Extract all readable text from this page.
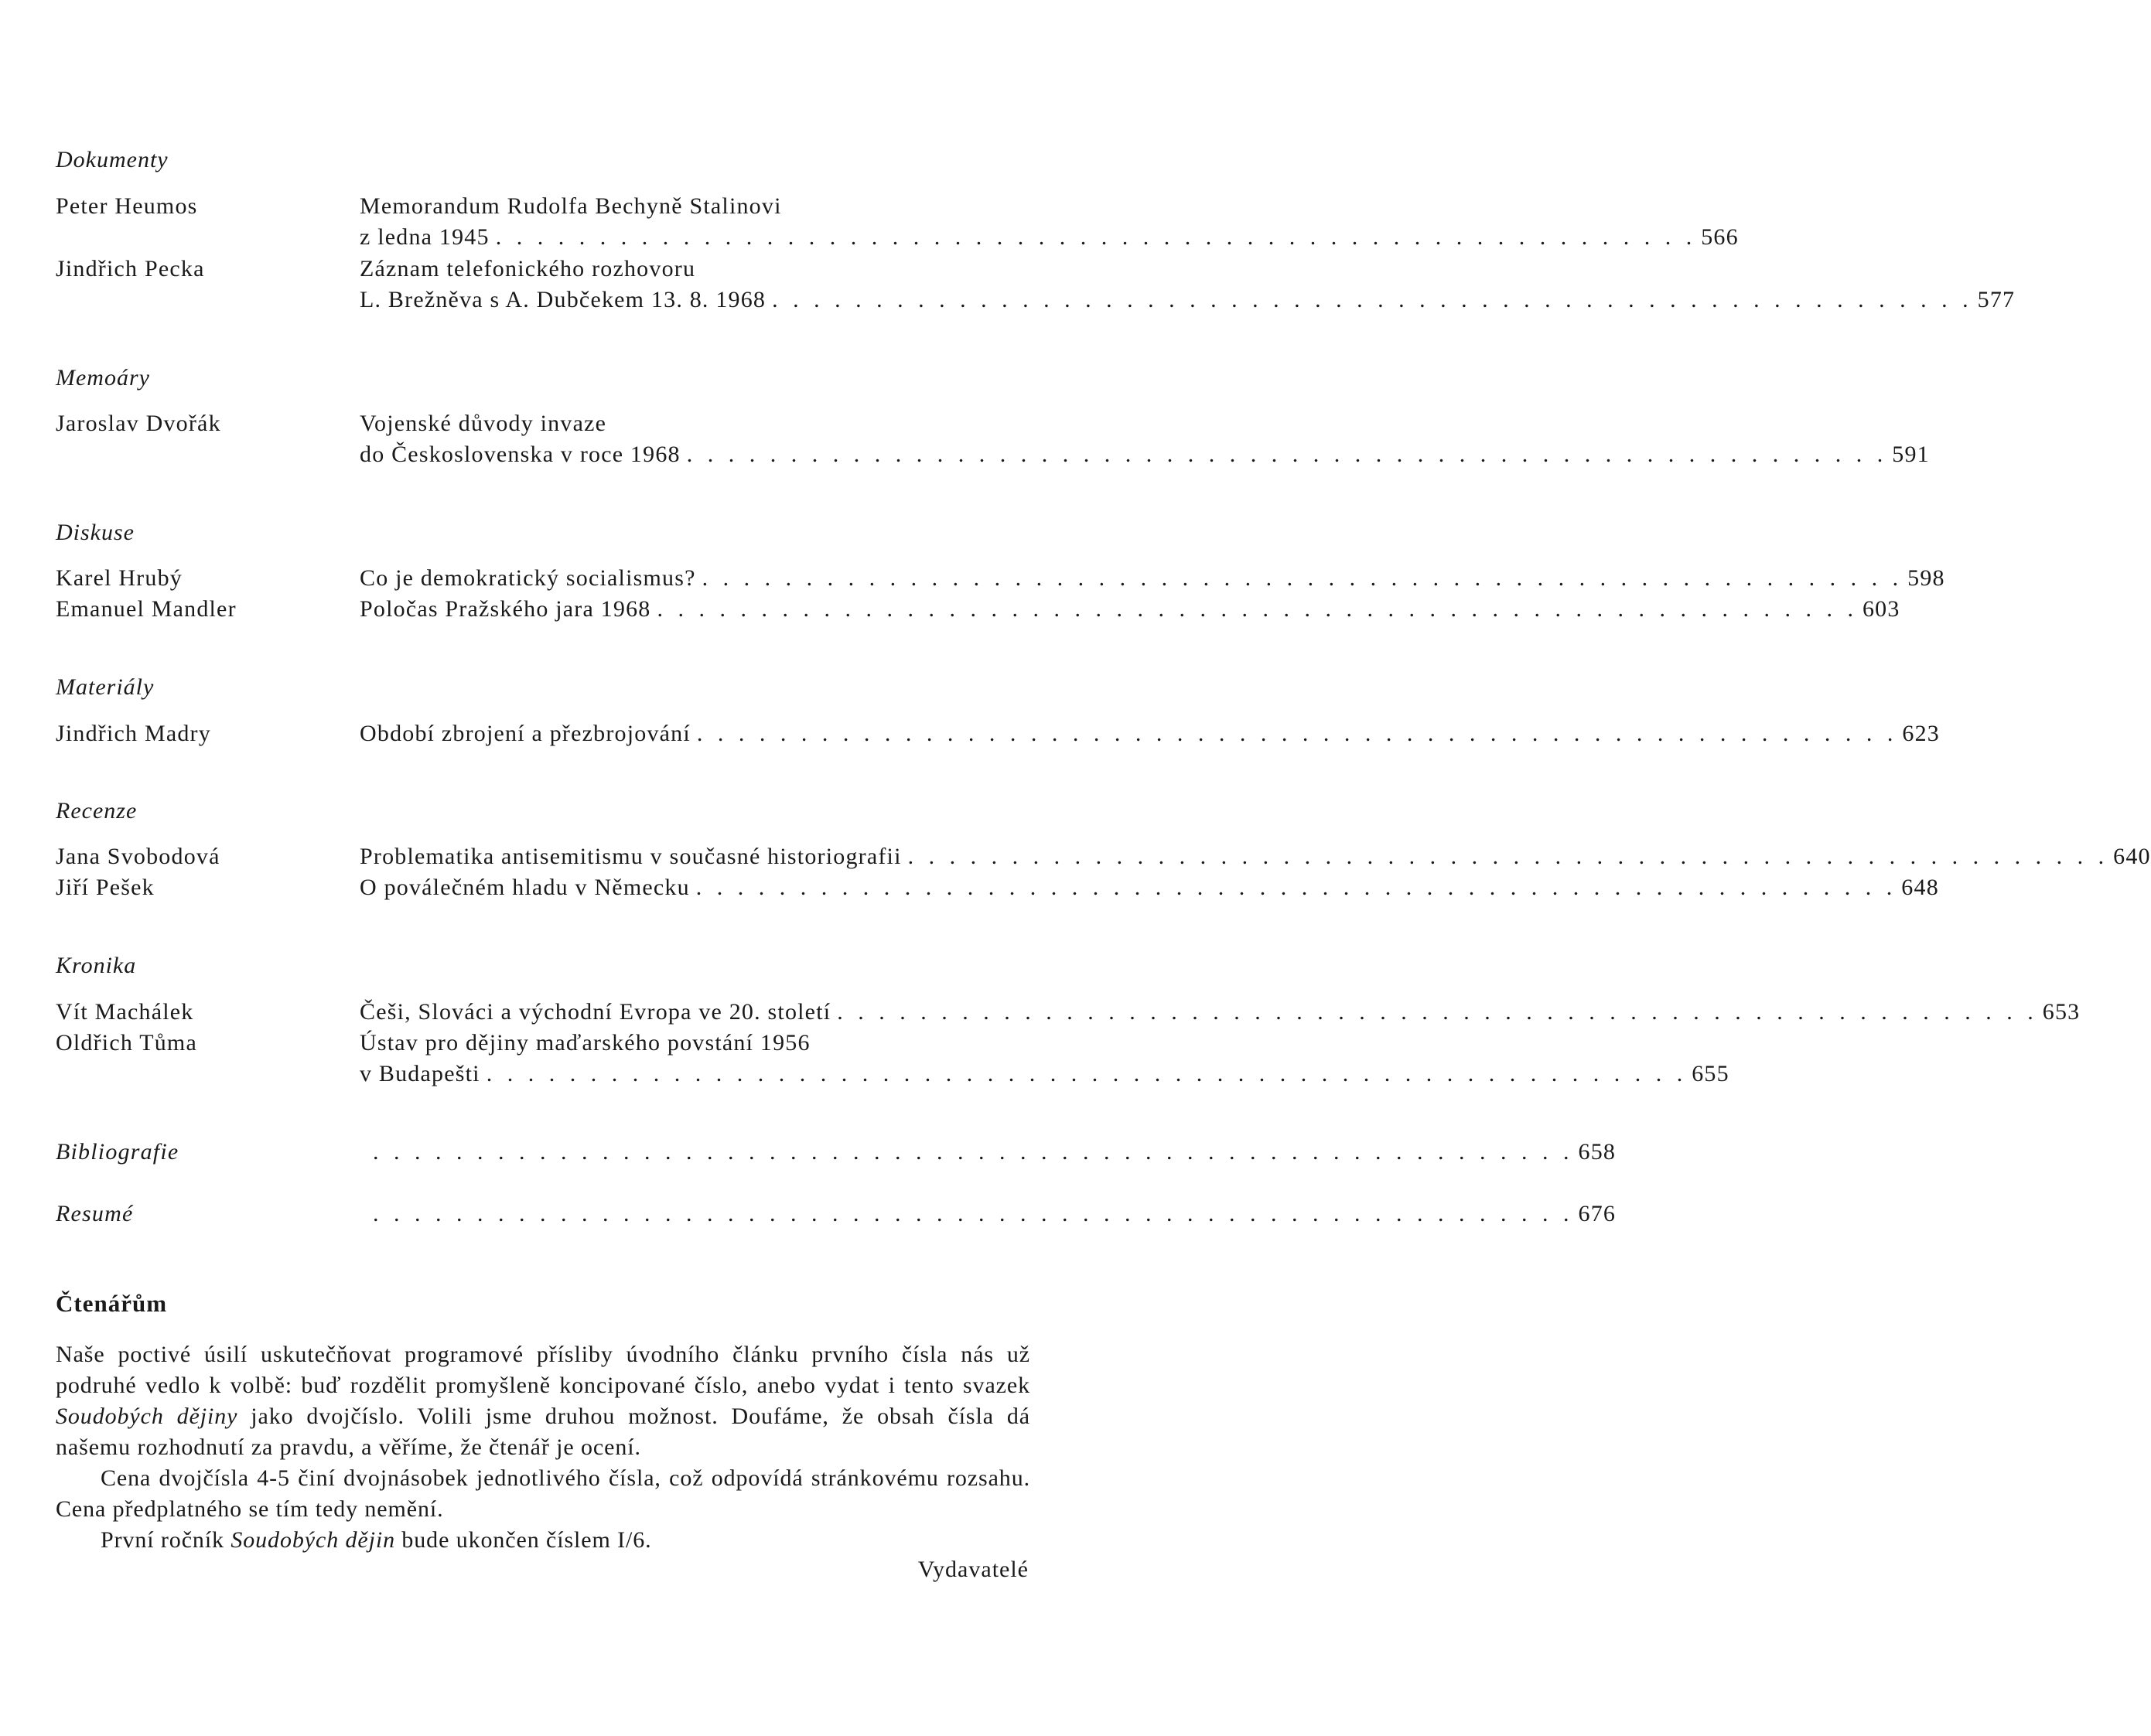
Dokumenty
Peter Heumos	Memorandum Rudolfa Bechyně Stalinovi
z ledna 1945 . . . . . . . . . . . . . . . . . . . . . . . . . . . . . . . . . . . . . . . . . . . . . . . . . . . . . . . . . . 566
Jindřich Pecka	Záznam telefonického rozhovoru
L. Brežněva s A. Dubčekem 13. 8. 1968 . . . . . . . . . . . . . . . . . . . . . . . . . . . . . . . . . . . . . . . . . . . . . . . . . . . . . . . . . . 577
Memoáry
Jaroslav Dvořák	Vojenské důvody invaze
do Československa v roce 1968 . . . . . . . . . . . . . . . . . . . . . . . . . . . . . . . . . . . . . . . . . . . . . . . . . . . . . . . . . . 591
Diskuse
Karel Hrubý	Co je demokratický socialismus? . . . . . . . . . . . . . . . . . . . . . . . . . . . . . . . . . . . . . . . . . . . . . . . . . . . . . . . . . . 598
Emanuel Mandler	Poločas Pražského jara 1968 . . . . . . . . . . . . . . . . . . . . . . . . . . . . . . . . . . . . . . . . . . . . . . . . . . . . . . . . . . 603
Materiály
Jindřich Madry	Období zbrojení a přezbrojování . . . . . . . . . . . . . . . . . . . . . . . . . . . . . . . . . . . . . . . . . . . . . . . . . . . . . . . . . . 623
Recenze
Jana Svobodová	Problematika antisemitismu v současné historiografii . . . . . . . . . . . . . . . . . . . . . . . . . . . . . . . . . . . . . . . . . . . . . . . . . . . . . . . . . . 640
Jiří Pešek	O poválečném hladu v Německu . . . . . . . . . . . . . . . . . . . . . . . . . . . . . . . . . . . . . . . . . . . . . . . . . . . . . . . . . . 648
Kronika
Vít Machálek	Češi, Slováci a východní Evropa ve 20. století . . . . . . . . . . . . . . . . . . . . . . . . . . . . . . . . . . . . . . . . . . . . . . . . . . . . . . . . . . 653
Oldřich Tůma	Ústav pro dějiny maďarského povstání 1956
v Budapešti . . . . . . . . . . . . . . . . . . . . . . . . . . . . . . . . . . . . . . . . . . . . . . . . . . . . . . . . . . 655
Bibliografie	. . . . . . . . . . . . . . . . . . . . . . . . . . . . . . . . . . . . . . . . . . . . . . . . . . . . . . . . . . 658
Resumé	. . . . . . . . . . . . . . . . . . . . . . . . . . . . . . . . . . . . . . . . . . . . . . . . . . . . . . . . . . 676
Čtenářům
Naše poctivé úsilí uskutečňovat programové přísliby úvodního článku prvního čísla nás už podruhé vedlo k volbě: buď rozdělit promyšleně koncipované číslo, anebo vydat i tento svazek Soudobých dějiny jako dvojčíslo. Volili jsme druhou možnost. Doufáme, že obsah čísla dá našemu rozhodnutí za pravdu, a věříme, že čtenář je ocení.
Cena dvojčísla 4-5 činí dvojnásobek jednotlivého čísla, což odpovídá stránkovému rozsahu. Cena předplatného se tím tedy nemění.
První ročník Soudobých dějin bude ukončen číslem I/6.
Vydavatelé
